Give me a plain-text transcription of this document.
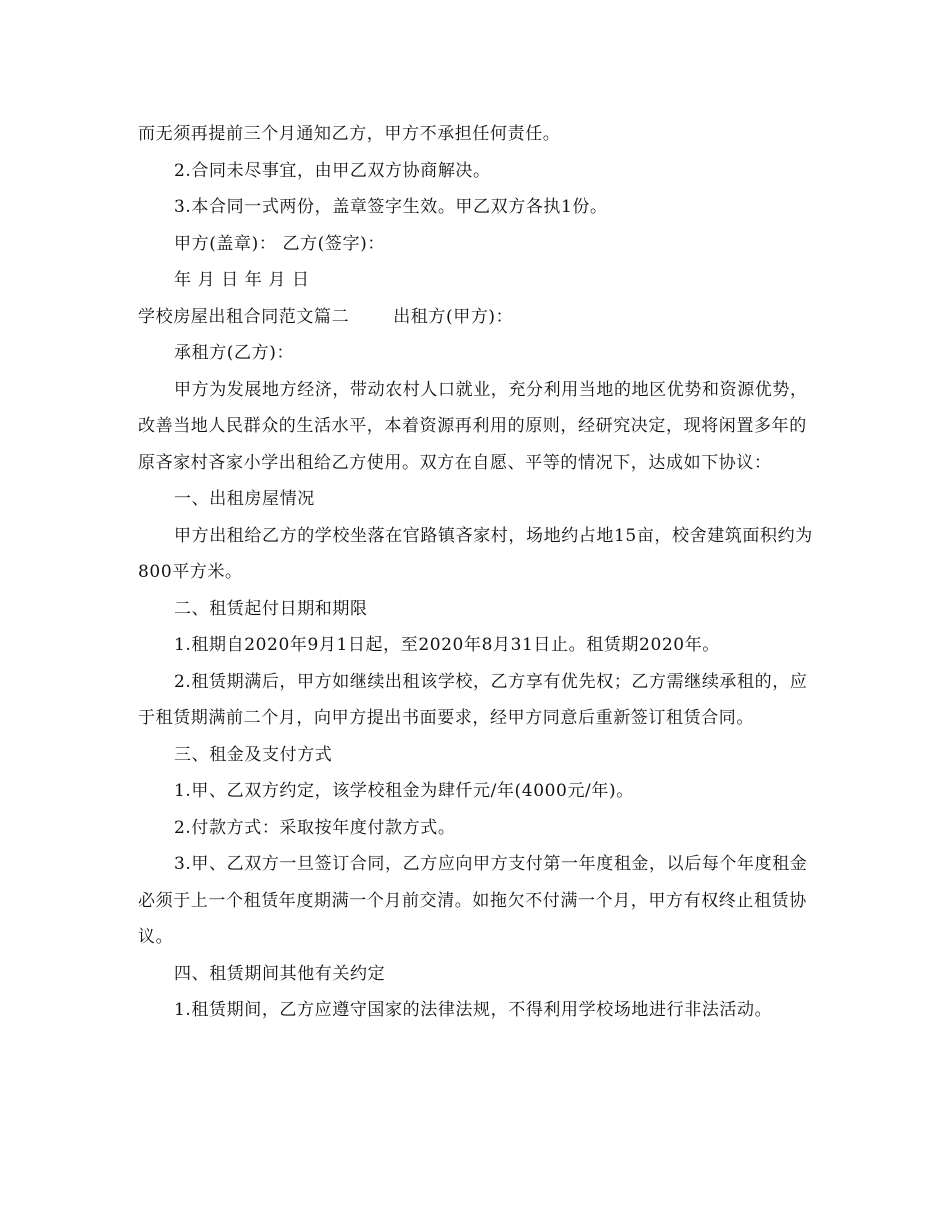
而无须再提前三个月通知乙方，甲方不承担任何责任。

2.合同未尽事宜，由甲乙双方协商解决。

3.本合同一式两份，盖章签字生效。甲乙双方各执1份。

甲方(盖章)： 乙方(签字)：

年 月 日 年 月 日

学校房屋出租合同范文篇二	出租方(甲方)：

承租方(乙方)：

甲方为发展地方经济，带动农村人口就业，充分利用当地的地区优势和资源优势，改善当地人民群众的生活水平，本着资源再利用的原则，经研究决定，现将闲置多年的原吝家村吝家小学出租给乙方使用。双方在自愿、平等的情况下，达成如下协议：

一、出租房屋情况

甲方出租给乙方的学校坐落在官路镇吝家村，场地约占地15亩，校舍建筑面积约为800平方米。

二、租赁起付日期和期限

1.租期自2020年9月1日起，至2020年8月31日止。租赁期2020年。

2.租赁期满后，甲方如继续出租该学校，乙方享有优先权；乙方需继续承租的，应于租赁期满前二个月，向甲方提出书面要求，经甲方同意后重新签订租赁合同。

三、租金及支付方式

1.甲、乙双方约定，该学校租金为肆仟元/年(4000元/年)。

2.付款方式：采取按年度付款方式。

3.甲、乙双方一旦签订合同，乙方应向甲方支付第一年度租金，以后每个年度租金必须于上一个租赁年度期满一个月前交清。如拖欠不付满一个月，甲方有权终止租赁协议。

四、租赁期间其他有关约定

1.租赁期间，乙方应遵守国家的法律法规，不得利用学校场地进行非法活动。
